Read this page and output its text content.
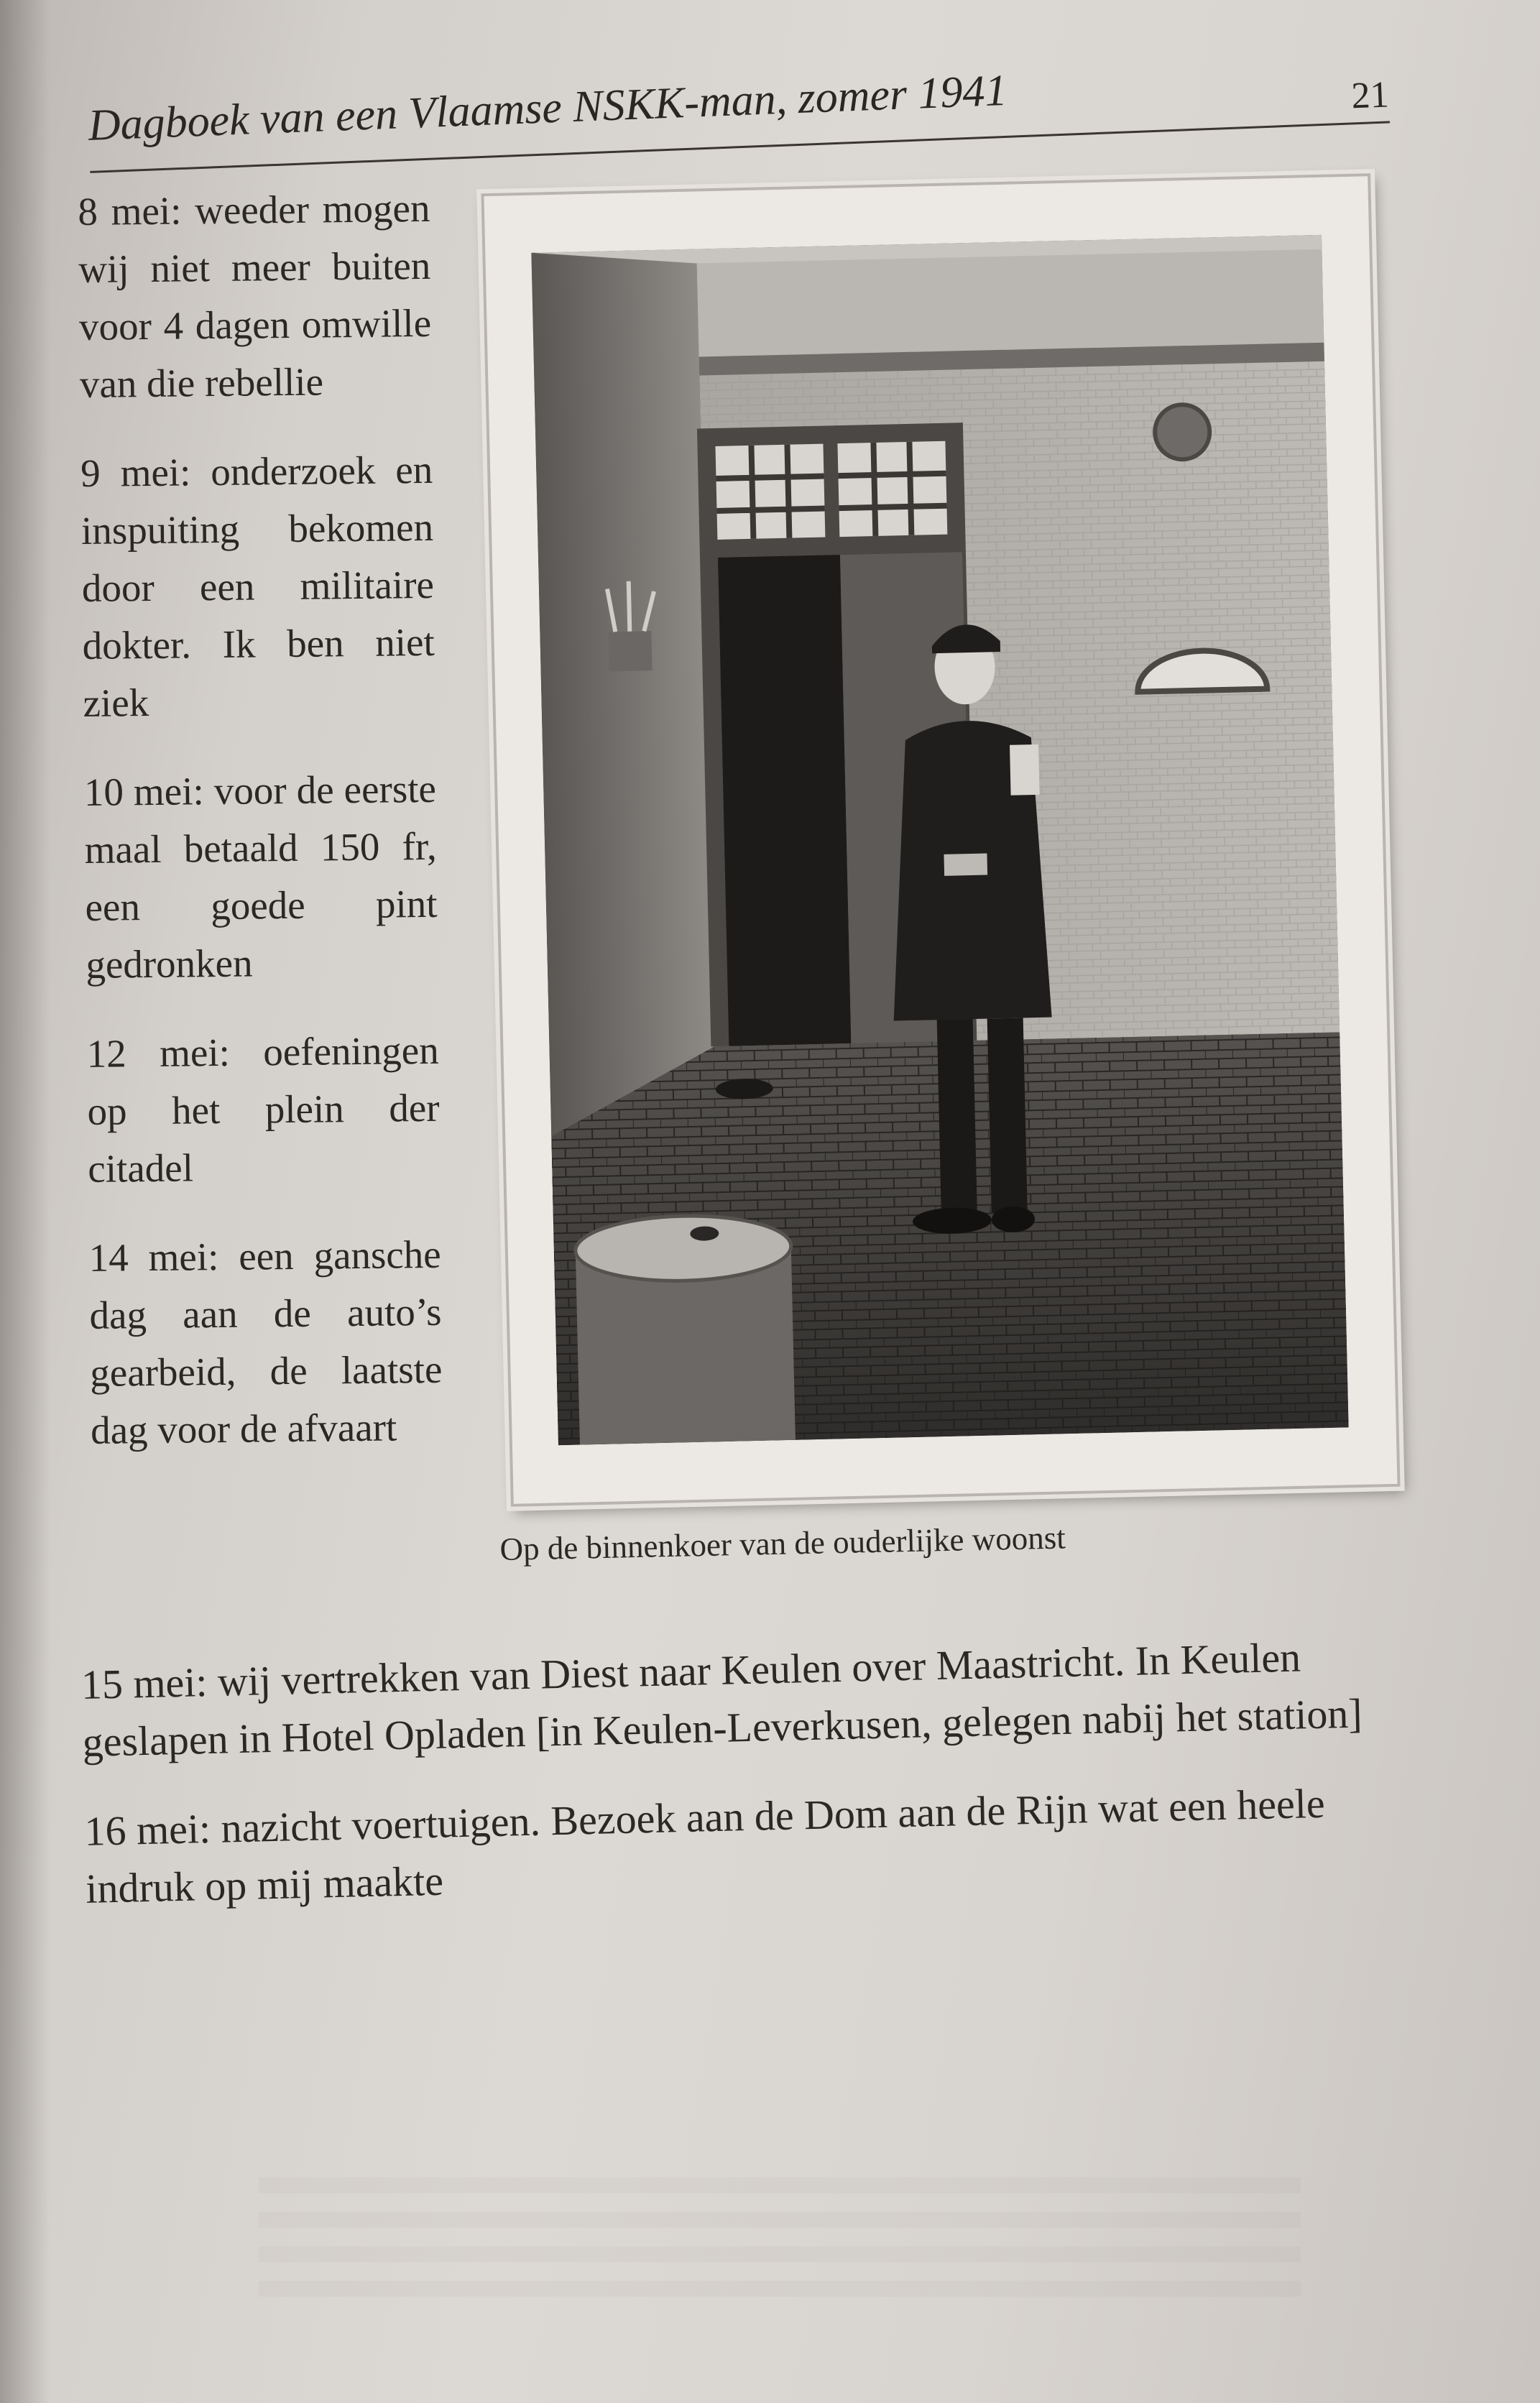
Dagboek van een Vlaamse NSKK-man, zomer 1941	21

8 mei: weeder mogen wij niet meer buiten voor 4 dagen omwille van die rebellie

9 mei: onderzoek en inspuiting bekomen door een militaire dokter. Ik ben niet ziek

10 mei: voor de eerste maal betaald 150 fr, een goede pint gedronken

12 mei: oefeningen op het plein der citadel

14 mei: een gansche dag aan de auto’s gearbeid, de laatste dag voor de afvaart

Op de binnenkoer van de ouderlijke woonst

15 mei: wij vertrekken van Diest naar Keulen over Maastricht. In Keulen geslapen in Hotel Opladen [in Keulen-Leverkusen, gelegen nabij het station]

16 mei: nazicht voertuigen. Bezoek aan de Dom aan de Rijn wat een heele indruk op mij maakte
